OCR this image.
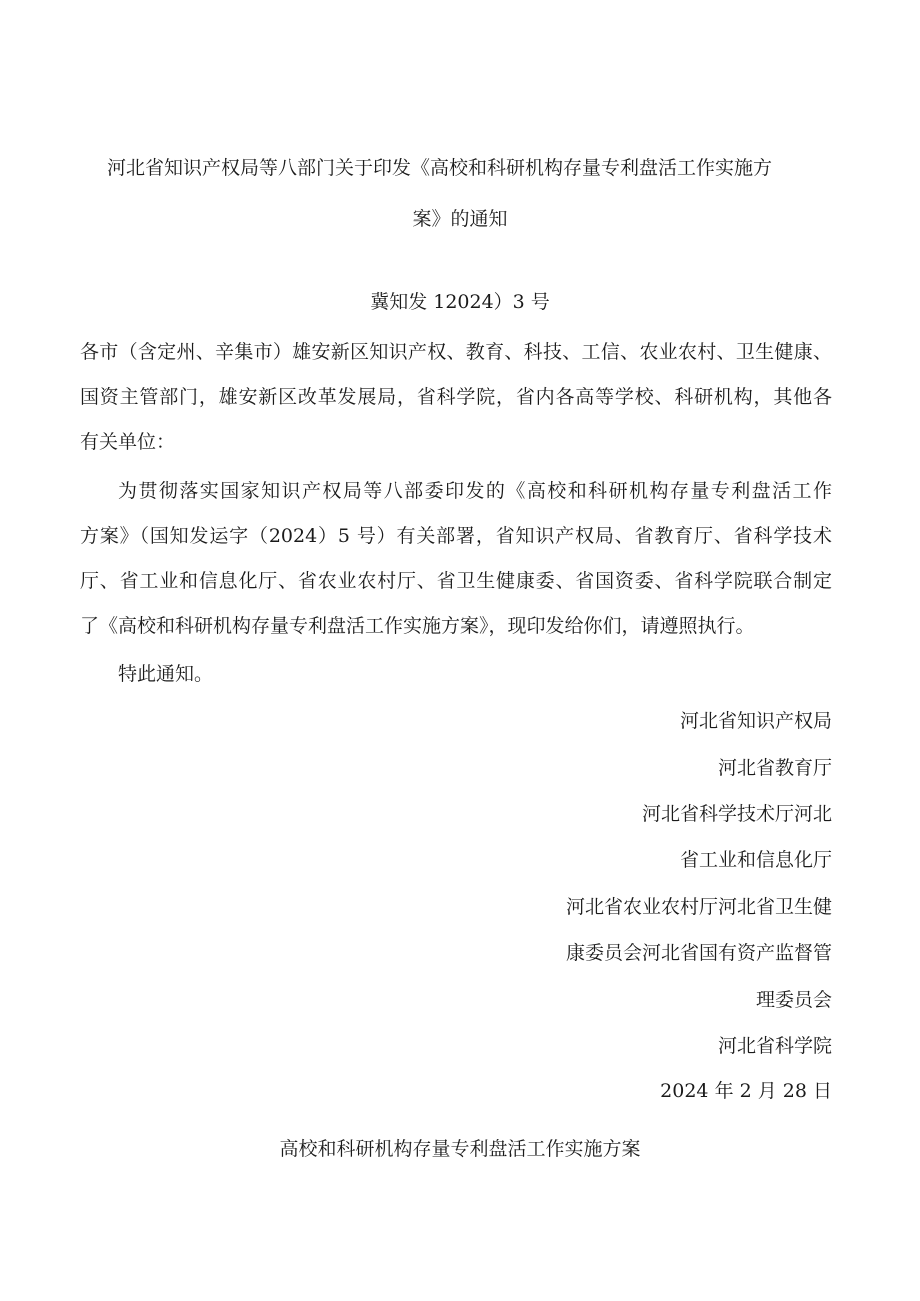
河北省知识产权局等八部门关于印发《高校和科研机构存量专利盘活工作实施方
案》的通知
冀知发 12024）3 号
各市（含定州、辛集市）雄安新区知识产权、教育、科技、工信、农业农村、卫生健康、
国资主管部门，雄安新区改革发展局，省科学院，省内各高等学校、科研机构，其他各
有关单位：
为贯彻落实国家知识产权局等八部委印发的《高校和科研机构存量专利盘活工作
方案》（国知发运字（2024）5 号）有关部署，省知识产权局、省教育厅、省科学技术
厅、省工业和信息化厅、省农业农村厅、省卫生健康委、省国资委、省科学院联合制定
了《高校和科研机构存量专利盘活工作实施方案》，现印发给你们，请遵照执行。
特此通知。
河北省知识产权局
河北省教育厅
河北省科学技术厅河北
省工业和信息化厅
河北省农业农村厅河北省卫生健
康委员会河北省国有资产监督管
理委员会
河北省科学院
2024 年 2 月 28 日
高校和科研机构存量专利盘活工作实施方案
